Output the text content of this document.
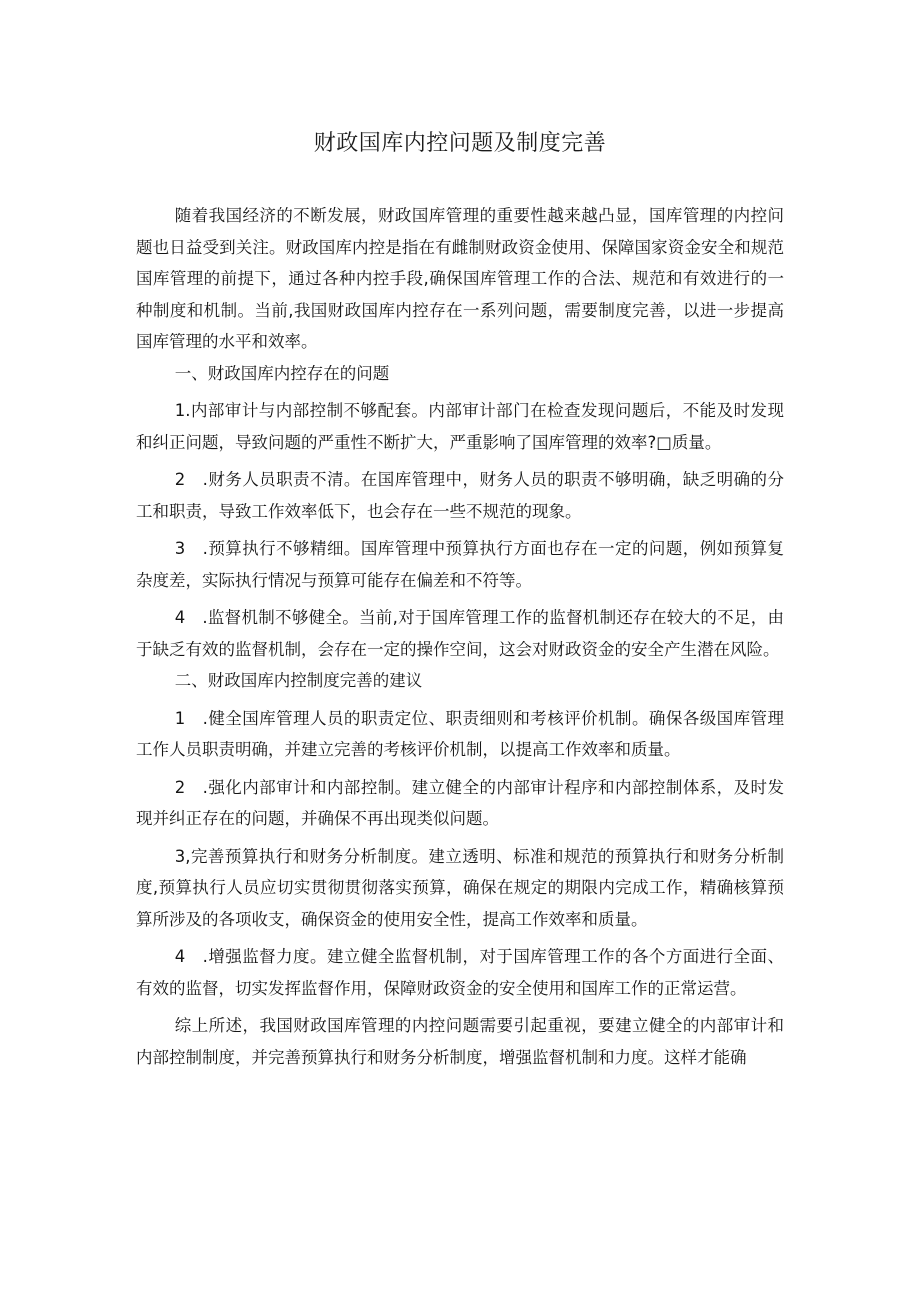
财政国库内控问题及制度完善

随着我国经济的不断发展，财政国库管理的重要性越来越凸显，国库管理的内控问题也日益受到关注。财政国库内控是指在有雌制财政资金使用、保障国家资金安全和规范国库管理的前提下，通过各种内控手段,确保国库管理工作的合法、规范和有效进行的一种制度和机制。当前,我国财政国库内控存在一系列问题，需要制度完善，以进一步提高国库管理的水平和效率。

一、财政国库内控存在的问题

1.内部审计与内部控制不够配套。内部审计部门在检查发现问题后，不能及时发现和纠正问题，导致问题的严重性不断扩大，严重影响了国库管理的效率?□质量。

2　.财务人员职责不清。在国库管理中，财务人员的职责不够明确，缺乏明确的分工和职责，导致工作效率低下，也会存在一些不规范的现象。

3　.预算执行不够精细。国库管理中预算执行方面也存在一定的问题，例如预算复杂度差，实际执行情况与预算可能存在偏差和不符等。

4　.监督机制不够健全。当前,对于国库管理工作的监督机制还存在较大的不足，由于缺乏有效的监督机制，会存在一定的操作空间，这会对财政资金的安全产生潜在风险。

二、财政国库内控制度完善的建议

1　.健全国库管理人员的职责定位、职责细则和考核评价机制。确保各级国库管理工作人员职责明确，并建立完善的考核评价机制，以提高工作效率和质量。

2　.强化内部审计和内部控制。建立健全的内部审计程序和内部控制体系，及时发现并纠正存在的问题，并确保不再出现类似问题。

3,完善预算执行和财务分析制度。建立透明、标准和规范的预算执行和财务分析制度,预算执行人员应切实贯彻贯彻落实预算，确保在规定的期限内完成工作，精确核算预算所涉及的各项收支，确保资金的使用安全性，提高工作效率和质量。

4　.增强监督力度。建立健全监督机制，对于国库管理工作的各个方面进行全面、有效的监督，切实发挥监督作用，保障财政资金的安全使用和国库工作的正常运营。

综上所述，我国财政国库管理的内控问题需要引起重视，要建立健全的内部审计和内部控制制度，并完善预算执行和财务分析制度，增强监督机制和力度。这样才能确
